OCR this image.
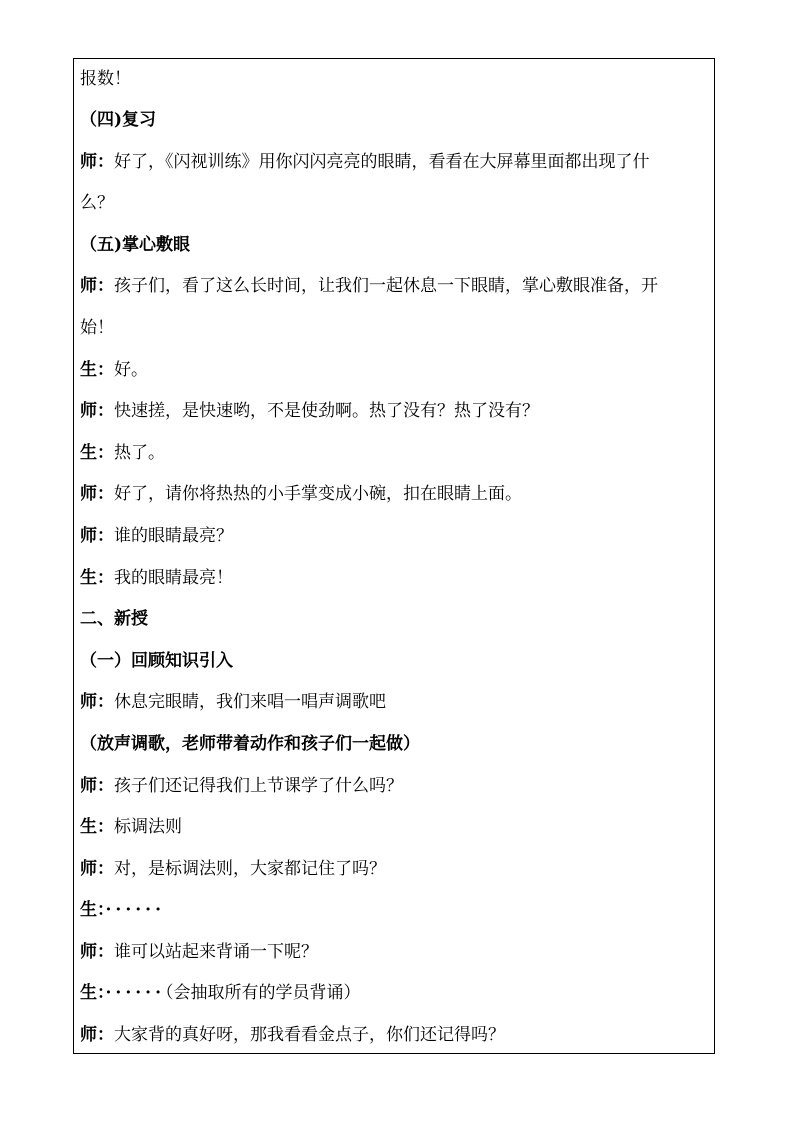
报数！
（四)复习
师：好了，《闪视训练》用你闪闪亮亮的眼睛，看看在大屏幕里面都出现了什
么？
（五)掌心敷眼
师：孩子们，看了这么长时间，让我们一起休息一下眼睛，掌心敷眼准备，开
始！
生：好。
师：快速搓，是快速哟，不是使劲啊。热了没有？热了没有？
生：热了。
师：好了，请你将热热的小手掌变成小碗，扣在眼睛上面。
师：谁的眼睛最亮？
生：我的眼睛最亮！
二、新授
（一）回顾知识引入
师：休息完眼睛，我们来唱一唱声调歌吧
（放声调歌，老师带着动作和孩子们一起做）
师：孩子们还记得我们上节课学了什么吗？
生：标调法则
师：对，是标调法则，大家都记住了吗？
生：······
师：谁可以站起来背诵一下呢？
生：······（会抽取所有的学员背诵）
师：大家背的真好呀，那我看看金点子，你们还记得吗？
